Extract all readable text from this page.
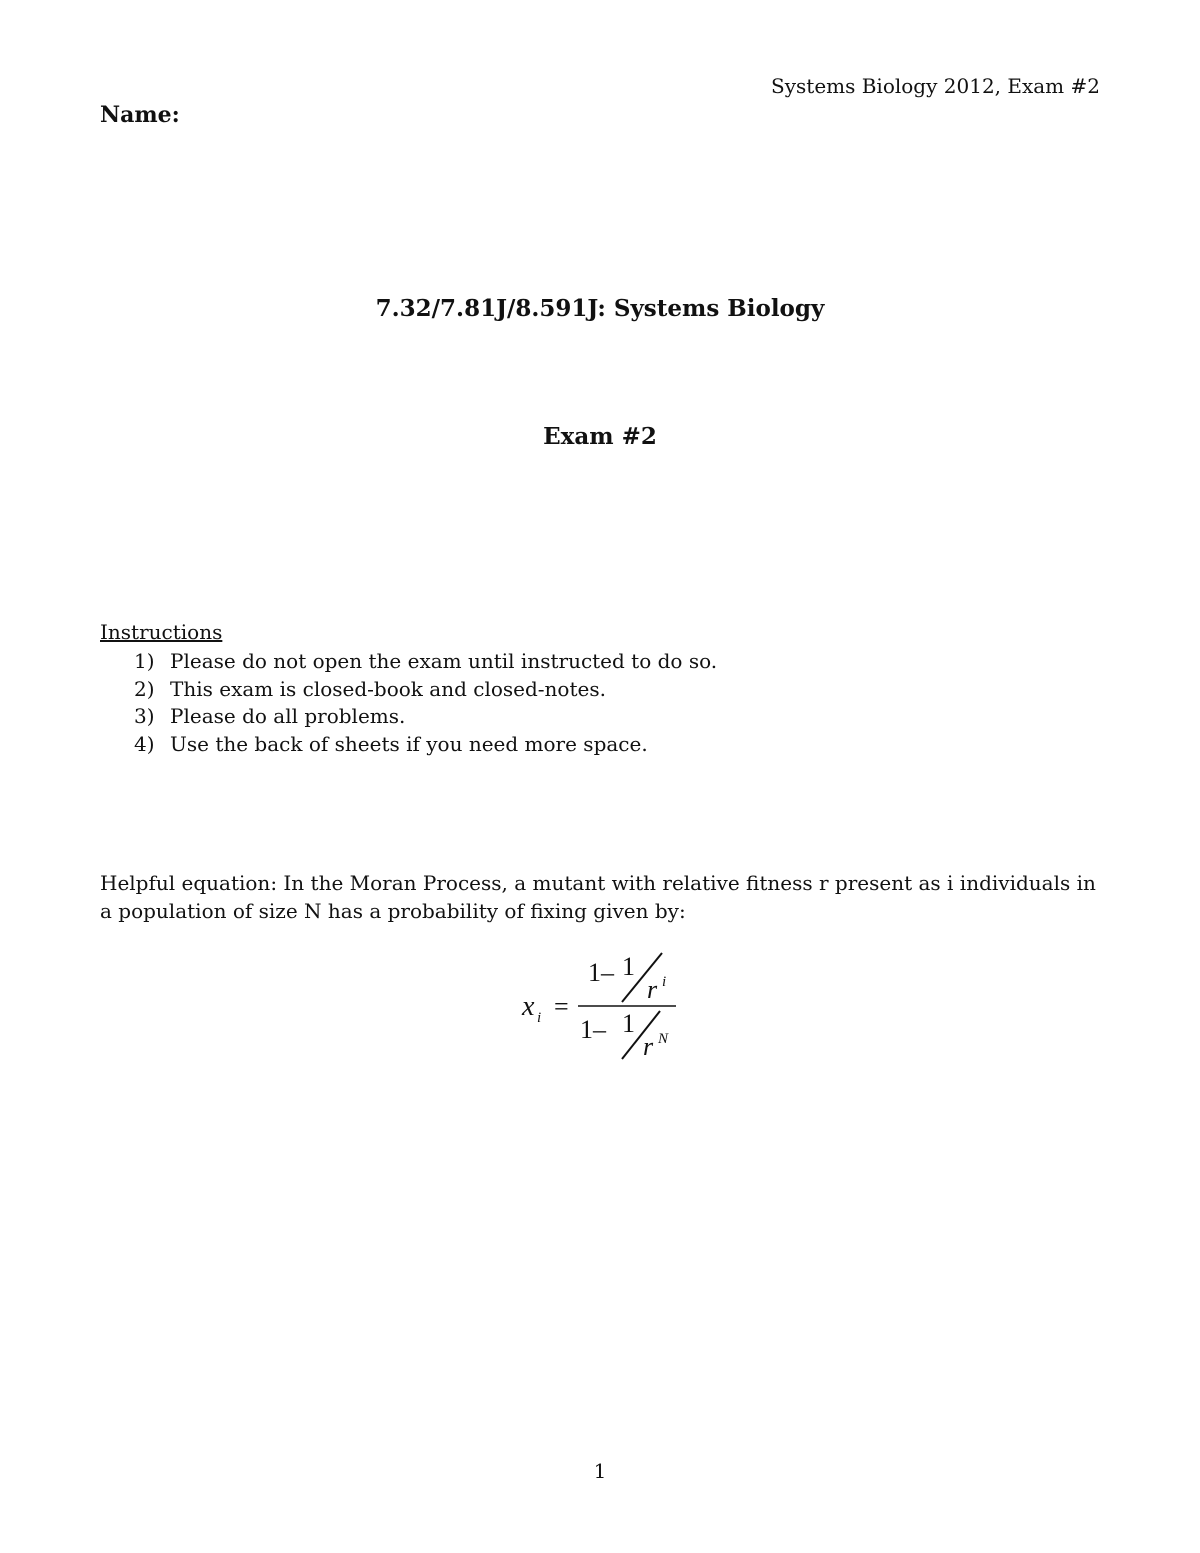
Systems Biology 2012, Exam #2
Name:
7.32/7.81J/8.591J: Systems Biology
Exam #2
Instructions
1) Please do not open the exam until instructed to do so.
2) This exam is closed-book and closed-notes.
3) Please do all problems.
4) Use the back of sheets if you need more space.
Helpful equation: In the Moran Process, a mutant with relative fitness r present as i individuals in a population of size N has a probability of fixing given by:
x i =
1– 1
r i
1– 1
r N
1
